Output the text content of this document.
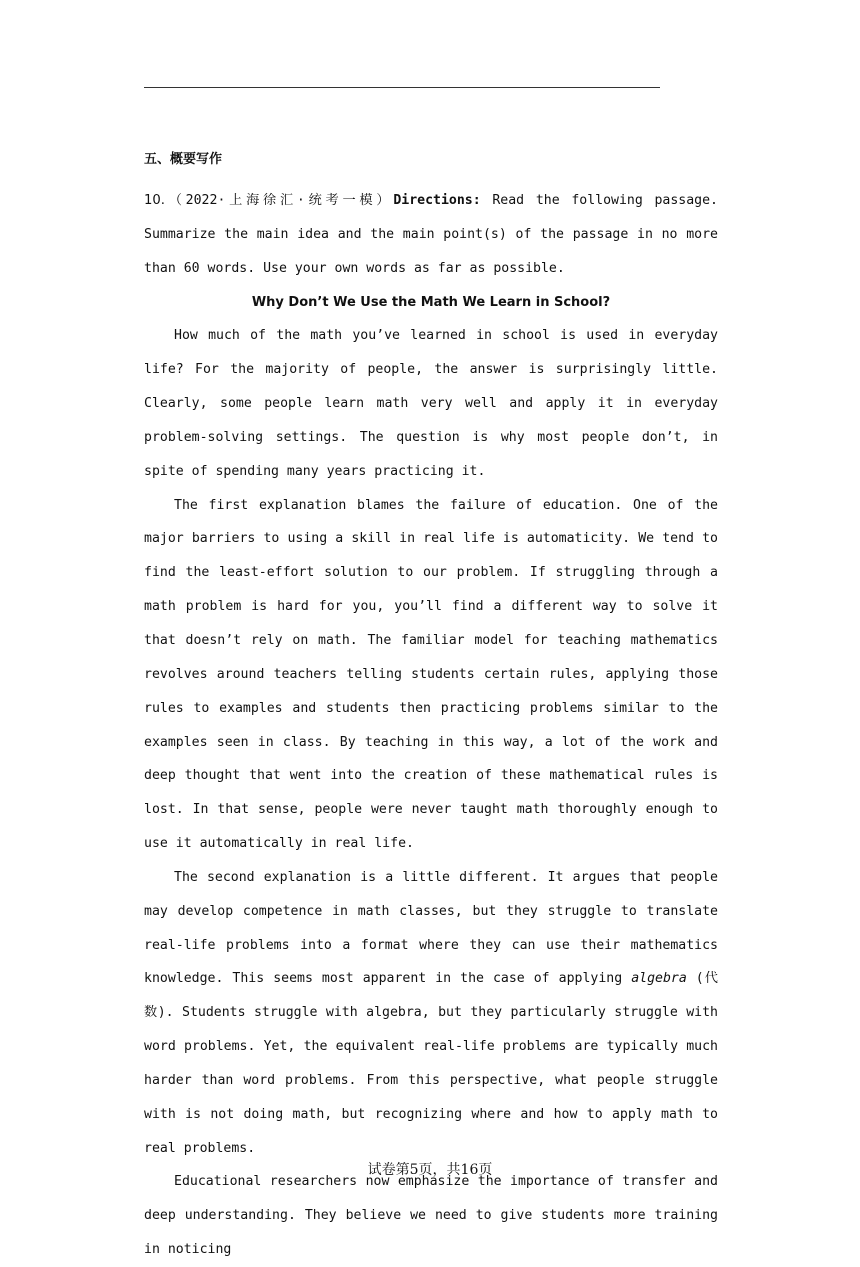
五、概要写作

10.（2022·上海徐汇·统考一模）Directions: Read the following passage. Summarize the main idea and the main point(s) of the passage in no more than 60 words. Use your own words as far as possible.

Why Don’t We Use the Math We Learn in School?

How much of the math you’ve learned in school is used in everyday life? For the majority of people, the answer is surprisingly little. Clearly, some people learn math very well and apply it in everyday problem-solving settings. The question is why most people don’t, in spite of spending many years practicing it.

The first explanation blames the failure of education. One of the major barriers to using a skill in real life is automaticity. We tend to find the least-effort solution to our problem. If struggling through a math problem is hard for you, you’ll find a different way to solve it that doesn’t rely on math. The familiar model for teaching mathematics revolves around teachers telling students certain rules, applying those rules to examples and students then practicing problems similar to the examples seen in class. By teaching in this way, a lot of the work and deep thought that went into the creation of these mathematical rules is lost. In that sense, people were never taught math thoroughly enough to use it automatically in real life.

The second explanation is a little different. It argues that people may develop competence in math classes, but they struggle to translate real-life problems into a format where they can use their mathematics knowledge. This seems most apparent in the case of applying algebra (代数). Students struggle with algebra, but they particularly struggle with word problems. Yet, the equivalent real-life problems are typically much harder than word problems. From this perspective, what people struggle with is not doing math, but recognizing where and how to apply math to real problems.

Educational researchers now emphasize the importance of transfer and deep understanding. They believe we need to give students more training in noticing

试卷第5页，共16页
